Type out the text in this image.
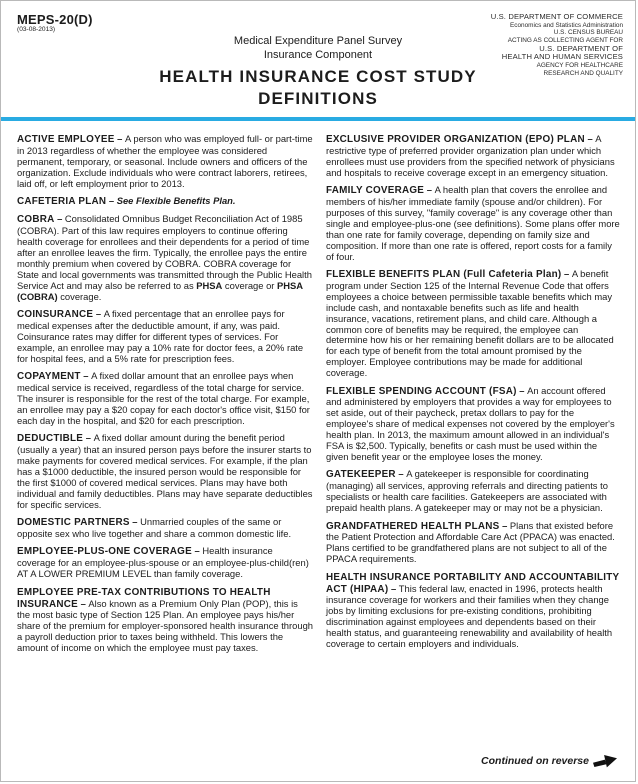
MEPS-20(D)
(03-08-2013)
U.S. DEPARTMENT OF COMMERCE
Economics and Statistics Administration
U.S. CENSUS BUREAU
ACTING AS COLLECTING AGENT FOR
U.S. DEPARTMENT OF
HEALTH AND HUMAN SERVICES
AGENCY FOR HEALTHCARE
RESEARCH AND QUALITY
Medical Expenditure Panel Survey
Insurance Component
HEALTH INSURANCE COST STUDY
DEFINITIONS

ACTIVE EMPLOYEE – A person who was employed full- or part-time in 2013 regardless of whether the employee was considered permanent, temporary, or seasonal. Include owners and officers of the organization. Exclude individuals who were contract laborers, retirees, laid off, or left employment prior to 2013.

CAFETERIA PLAN – See Flexible Benefits Plan.

COBRA – Consolidated Omnibus Budget Reconciliation Act of 1985 (COBRA). Part of this law requires employers to continue offering health coverage for enrollees and their dependents for a period of time after an enrollee leaves the firm. Typically, the enrollee pays the entire monthly premium when covered by COBRA. COBRA coverage for State and local governments was transmitted through the Public Health Service Act and may also be referred to as PHSA coverage or PHSA (COBRA) coverage.

COINSURANCE – A fixed percentage that an enrollee pays for medical expenses after the deductible amount, if any, was paid. Coinsurance rates may differ for different types of services. For example, an enrollee may pay a 10% rate for doctor fees, a 20% rate for hospital fees, and a 5% rate for prescription fees.

COPAYMENT – A fixed dollar amount that an enrollee pays when medical service is received, regardless of the total charge for service. The insurer is responsible for the rest of the total charge. For example, an enrollee may pay a $20 copay for each doctor's office visit, $150 for each day in the hospital, and $20 for each prescription.

DEDUCTIBLE – A fixed dollar amount during the benefit period (usually a year) that an insured person pays before the insurer starts to make payments for covered medical services. For example, if the plan has a $1000 deductible, the insured person would be responsible for the first $1000 of covered medical services. Plans may have both individual and family deductibles. Plans may have separate deductibles for specific services.

DOMESTIC PARTNERS – Unmarried couples of the same or opposite sex who live together and share a common domestic life.

EMPLOYEE-PLUS-ONE COVERAGE – Health insurance coverage for an employee-plus-spouse or an employee-plus-child(ren) AT A LOWER PREMIUM LEVEL than family coverage.

EMPLOYEE PRE-TAX CONTRIBUTIONS TO HEALTH INSURANCE – Also known as a Premium Only Plan (POP), this is the most basic type of Section 125 Plan. An employee pays his/her share of the premium for employer-sponsored health insurance through a payroll deduction prior to taxes being withheld. This lowers the amount of income on which the employee must pay taxes.

EXCLUSIVE PROVIDER ORGANIZATION (EPO) PLAN – A restrictive type of preferred provider organization plan under which enrollees must use providers from the specified network of physicians and hospitals to receive coverage except in an emergency situation.

FAMILY COVERAGE – A health plan that covers the enrollee and members of his/her immediate family (spouse and/or children). For purposes of this survey, "family coverage" is any coverage other than single and employee-plus-one (see definitions). Some plans offer more than one rate for family coverage, depending on family size and composition. If more than one rate is offered, report costs for a family of four.

FLEXIBLE BENEFITS PLAN (Full Cafeteria Plan) – A benefit program under Section 125 of the Internal Revenue Code that offers employees a choice between permissible taxable benefits which may include cash, and nontaxable benefits such as life and health insurance, vacations, retirement plans, and child care. Although a common core of benefits may be required, the employee can determine how his or her remaining benefit dollars are to be allocated for each type of benefit from the total amount promised by the employer. Employee contributions may be made for additional coverage.

FLEXIBLE SPENDING ACCOUNT (FSA) – An account offered and administered by employers that provides a way for employees to set aside, out of their paycheck, pretax dollars to pay for the employee's share of medical expenses not covered by the employer's health plan. In 2013, the maximum amount allowed in an individual's FSA is $2,500. Typically, benefits or cash must be used within the given benefit year or the employee loses the money.

GATEKEEPER – A gatekeeper is responsible for coordinating (managing) all services, approving referrals and directing patients to specialists or health care facilities. Gatekeepers are associated with prepaid health plans. A gatekeeper may or may not be a physician.

GRANDFATHERED HEALTH PLANS – Plans that existed before the Patient Protection and Affordable Care Act (PPACA) was enacted. Plans certified to be grandfathered plans are not subject to all of the PPACA requirements.

HEALTH INSURANCE PORTABILITY AND ACCOUNTABILITY ACT (HIPAA) – This federal law, enacted in 1996, protects health insurance coverage for workers and their families when they change jobs by limiting exclusions for pre-existing conditions, prohibiting discrimination against employees and dependents based on their health status, and guaranteeing renewability and availability of health coverage to certain employers and individuals.

Continued on reverse
